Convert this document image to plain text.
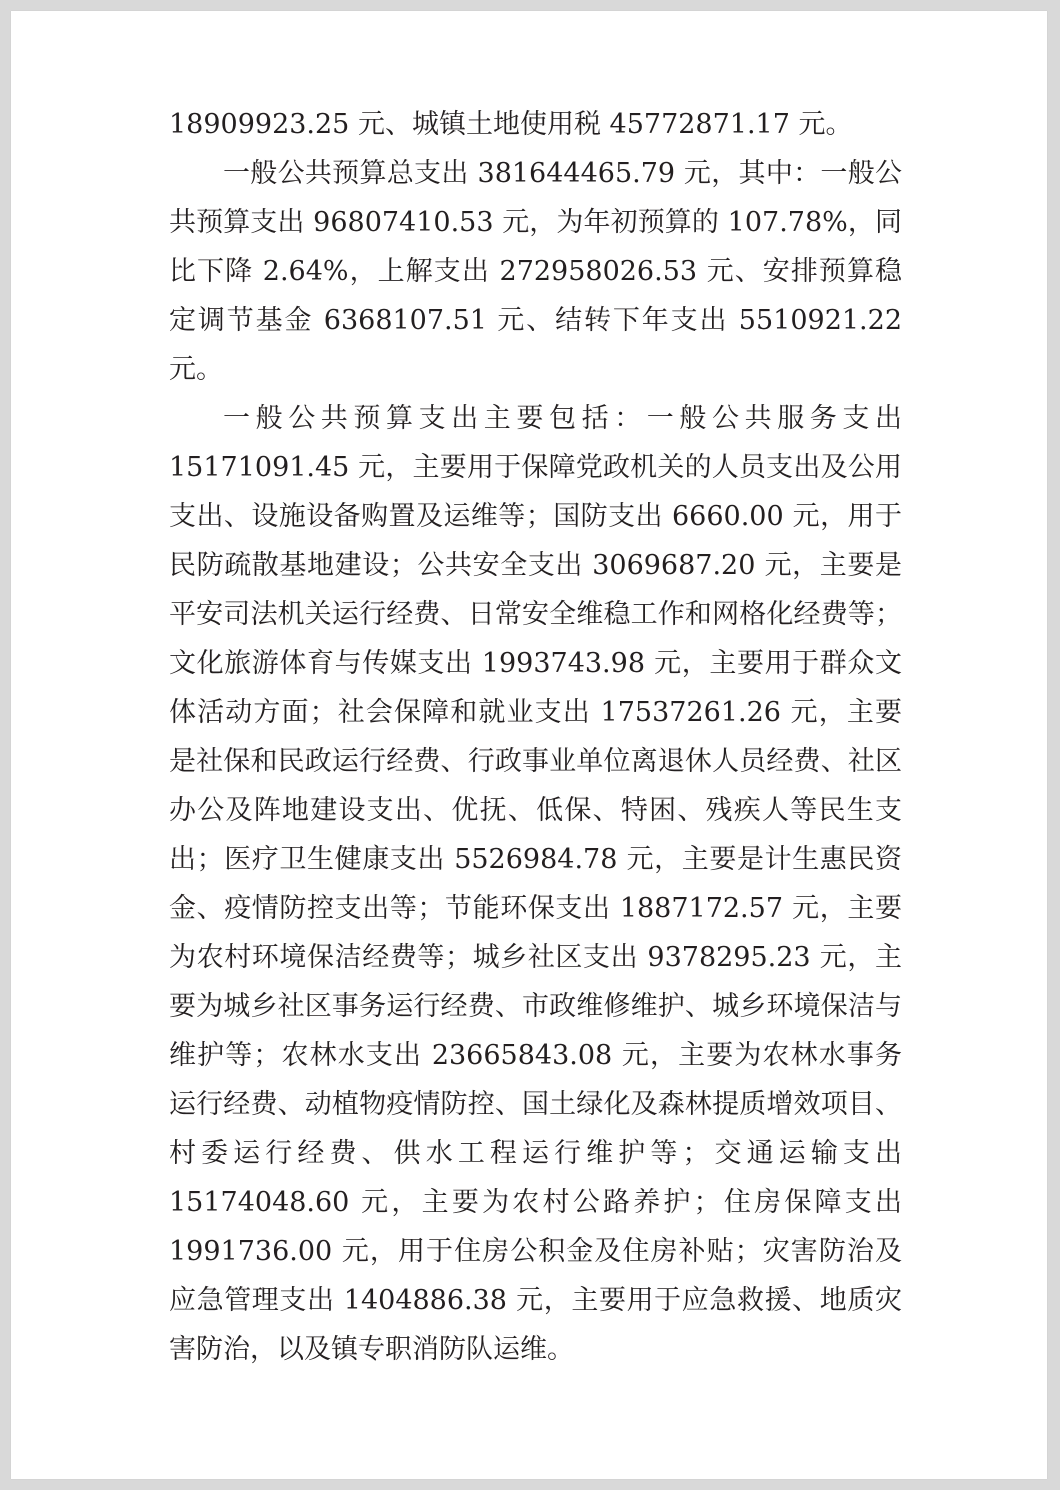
18909923.25 元、城镇土地使用税 45772871.17 元。

一般公共预算总支出 381644465.79 元，其中：一般公共预算支出 96807410.53 元，为年初预算的 107.78%，同比下降 2.64%，上解支出 272958026.53 元、安排预算稳定调节基金 6368107.51 元、结转下年支出 5510921.22 元。

一般公共预算支出主要包括：一般公共服务支出 15171091.45 元，主要用于保障党政机关的人员支出及公用支出、设施设备购置及运维等；国防支出 6660.00 元，用于民防疏散基地建设；公共安全支出 3069687.20 元，主要是平安司法机关运行经费、日常安全维稳工作和网格化经费等；文化旅游体育与传媒支出 1993743.98 元，主要用于群众文体活动方面；社会保障和就业支出 17537261.26 元，主要是社保和民政运行经费、行政事业单位离退休人员经费、社区办公及阵地建设支出、优抚、低保、特困、残疾人等民生支出；医疗卫生健康支出 5526984.78 元，主要是计生惠民资金、疫情防控支出等；节能环保支出 1887172.57 元，主要为农村环境保洁经费等；城乡社区支出 9378295.23 元，主要为城乡社区事务运行经费、市政维修维护、城乡环境保洁与维护等；农林水支出 23665843.08 元，主要为农林水事务运行经费、动植物疫情防控、国土绿化及森林提质增效项目、村委运行经费、供水工程运行维护等；交通运输支出 15174048.60 元，主要为农村公路养护；住房保障支出 1991736.00 元，用于住房公积金及住房补贴；灾害防治及应急管理支出 1404886.38 元，主要用于应急救援、地质灾害防治，以及镇专职消防队运维。
